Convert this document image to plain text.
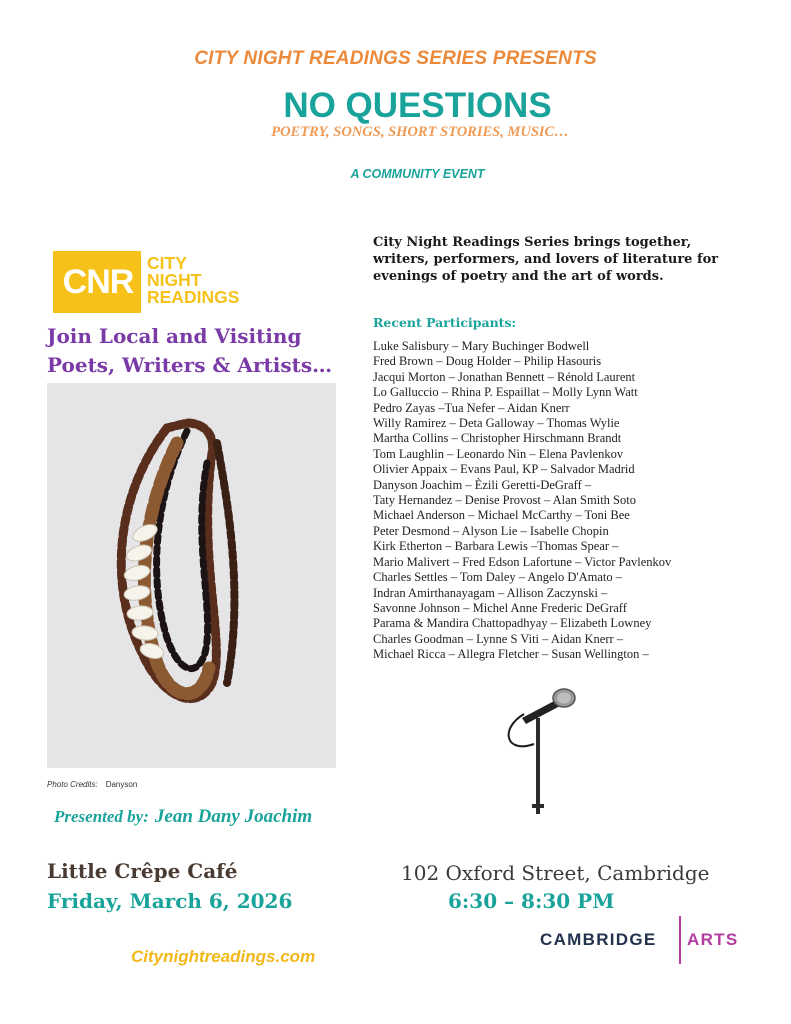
CITY NIGHT READINGS SERIES PRESENTS
NO QUESTIONS
POETRY, SONGS, SHORT STORIES, MUSIC…
A COMMUNITY EVENT
CNR CITY
NIGHT
READINGS
Join Local and Visiting
Poets, Writers & Artists…
Photo Credits: Danyson
Presented by: Jean Dany Joachim
Little Crêpe Café
Friday, March 6, 2026
102 Oxford Street, Cambridge
6:30 – 8:30 PM
Citynightreadings.com
CAMBRIDGE ARTS
City Night Readings Series brings together, writers, performers, and lovers of literature for evenings of poetry and the art of words.
Recent Participants:
Luke Salisbury – Mary Buchinger Bodwell
Fred Brown – Doug Holder – Philip Hasouris
Jacqui Morton – Jonathan Bennett – Rénold Laurent
Lo Galluccio – Rhina P. Espaillat – Molly Lynn Watt
Pedro Zayas –Tua Nefer – Aidan Knerr
Willy Ramirez – Deta Galloway – Thomas Wylie
Martha Collins – Christopher Hirschmann Brandt
Tom Laughlin – Leonardo Nin – Elena Pavlenkov
Olivier Appaix – Evans Paul, KP – Salvador Madrid
Danyson Joachim – Èzili Geretti-DeGraff –
Taty Hernandez – Denise Provost – Alan Smith Soto
Michael Anderson – Michael McCarthy – Toni Bee
Peter Desmond – Alyson Lie – Isabelle Chopin
Kirk Etherton – Barbara Lewis –Thomas Spear –
Mario Malivert – Fred Edson Lafortune – Victor Pavlenkov
Charles Settles – Tom Daley – Angelo D'Amato –
Indran Amirthanayagam – Allison Zaczynski –
Savonne Johnson – Michel Anne Frederic DeGraff
Parama & Mandira Chattopadhyay – Elizabeth Lowney
Charles Goodman – Lynne S Viti – Aidan Knerr –
Michael Ricca – Allegra Fletcher – Susan Wellington –
